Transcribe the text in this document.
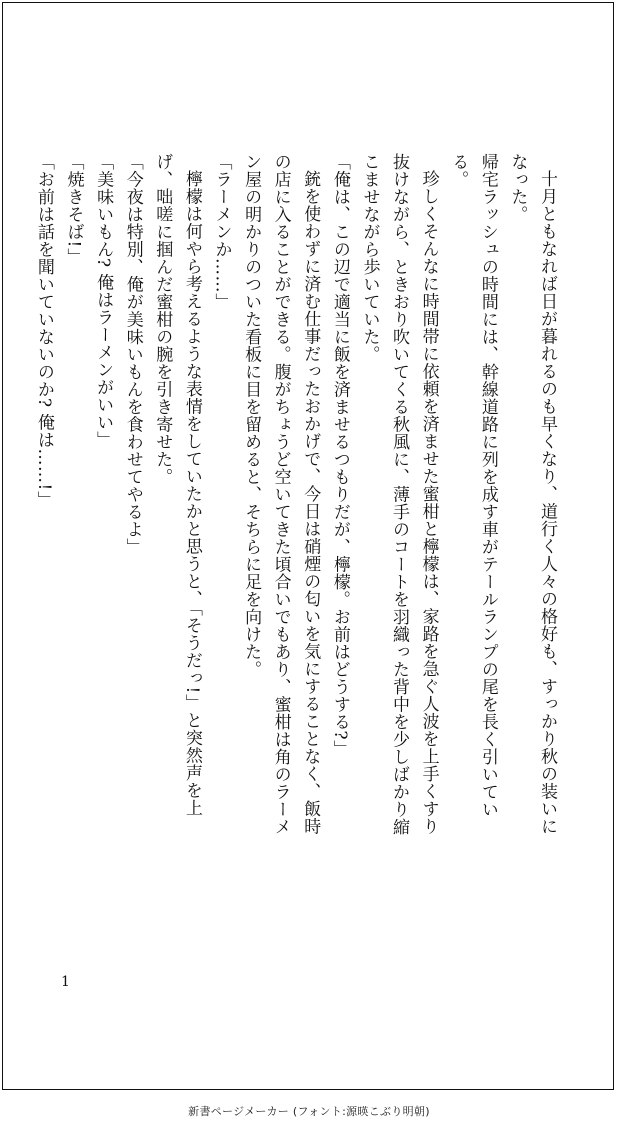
十月ともなれば日が暮れるのも早くなり、道行く人々の格好も、すっかり秋の装いになった。

帰宅ラッシュの時間には、幹線道路に列を成す車がテールランプの尾を長く引いている。

珍しくそんなに時間帯に依頼を済ませた蜜柑と檸檬は、家路を急ぐ人波を上手くすり抜けながら、ときおり吹いてくる秋風に、薄手のコートを羽織った背中を少しばかり縮こませながら歩いていた。

「俺は、この辺で適当に飯を済ませるつもりだが、檸檬。お前はどうする?」

銃を使わずに済む仕事だったおかげで、今日は硝煙の匂いを気にすることなく、飯時の店に入ることができる。腹がちょうど空いてきた頃合いでもあり、蜜柑は角のラーメン屋の明かりのついた看板に目を留めると、そちらに足を向けた。

「ラーメンか……」

檸檬は何やら考えるような表情をしていたかと思うと、「そうだっ!」と突然声を上げ、咄嗟に掴んだ蜜柑の腕を引き寄せた。

「今夜は特別、俺が美味いもんを食わせてやるよ」

「美味いもん? 俺はラーメンがいい」

「焼きそば!」

「お前は話を聞いていないのか? 俺は……!」

1
新書ページメーカー (フォント:源暎こぶり明朝)
